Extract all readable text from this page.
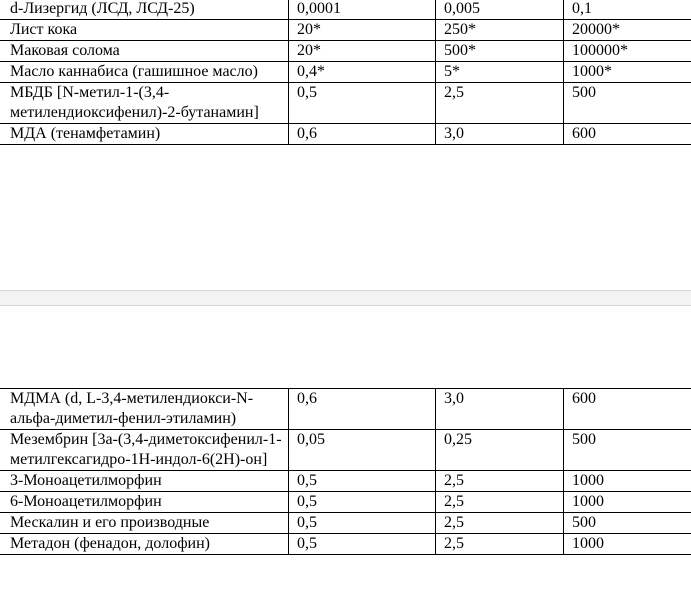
d-Лизергид (ЛСД, ЛСД-25)	0,0001	0,005	0,1
Лист кока	20*	250*	20000*
Маковая солома	20*	500*	100000*
Масло каннабиса (гашишное масло)	0,4*	5*	1000*
МБДБ [N-метил-1-(3,4-метилендиоксифенил)-2-бутанамин]	0,5	2,5	500
МДА (тенамфетамин)	0,6	3,0	600
МДМА (d, L-3,4-метилендиокси-N-альфа-диметил-фенил-этиламин)	0,6	3,0	600
Мезембрин [3а-(3,4-диметоксифенил-1-метилгексагидро-1Н-индол-6(2Н)-он]	0,05	0,25	500
3-Моноацетилморфин	0,5	2,5	1000
6-Моноацетилморфин	0,5	2,5	1000
Мескалин и его производные	0,5	2,5	500
Метадон (фенадон, долофин)	0,5	2,5	1000
